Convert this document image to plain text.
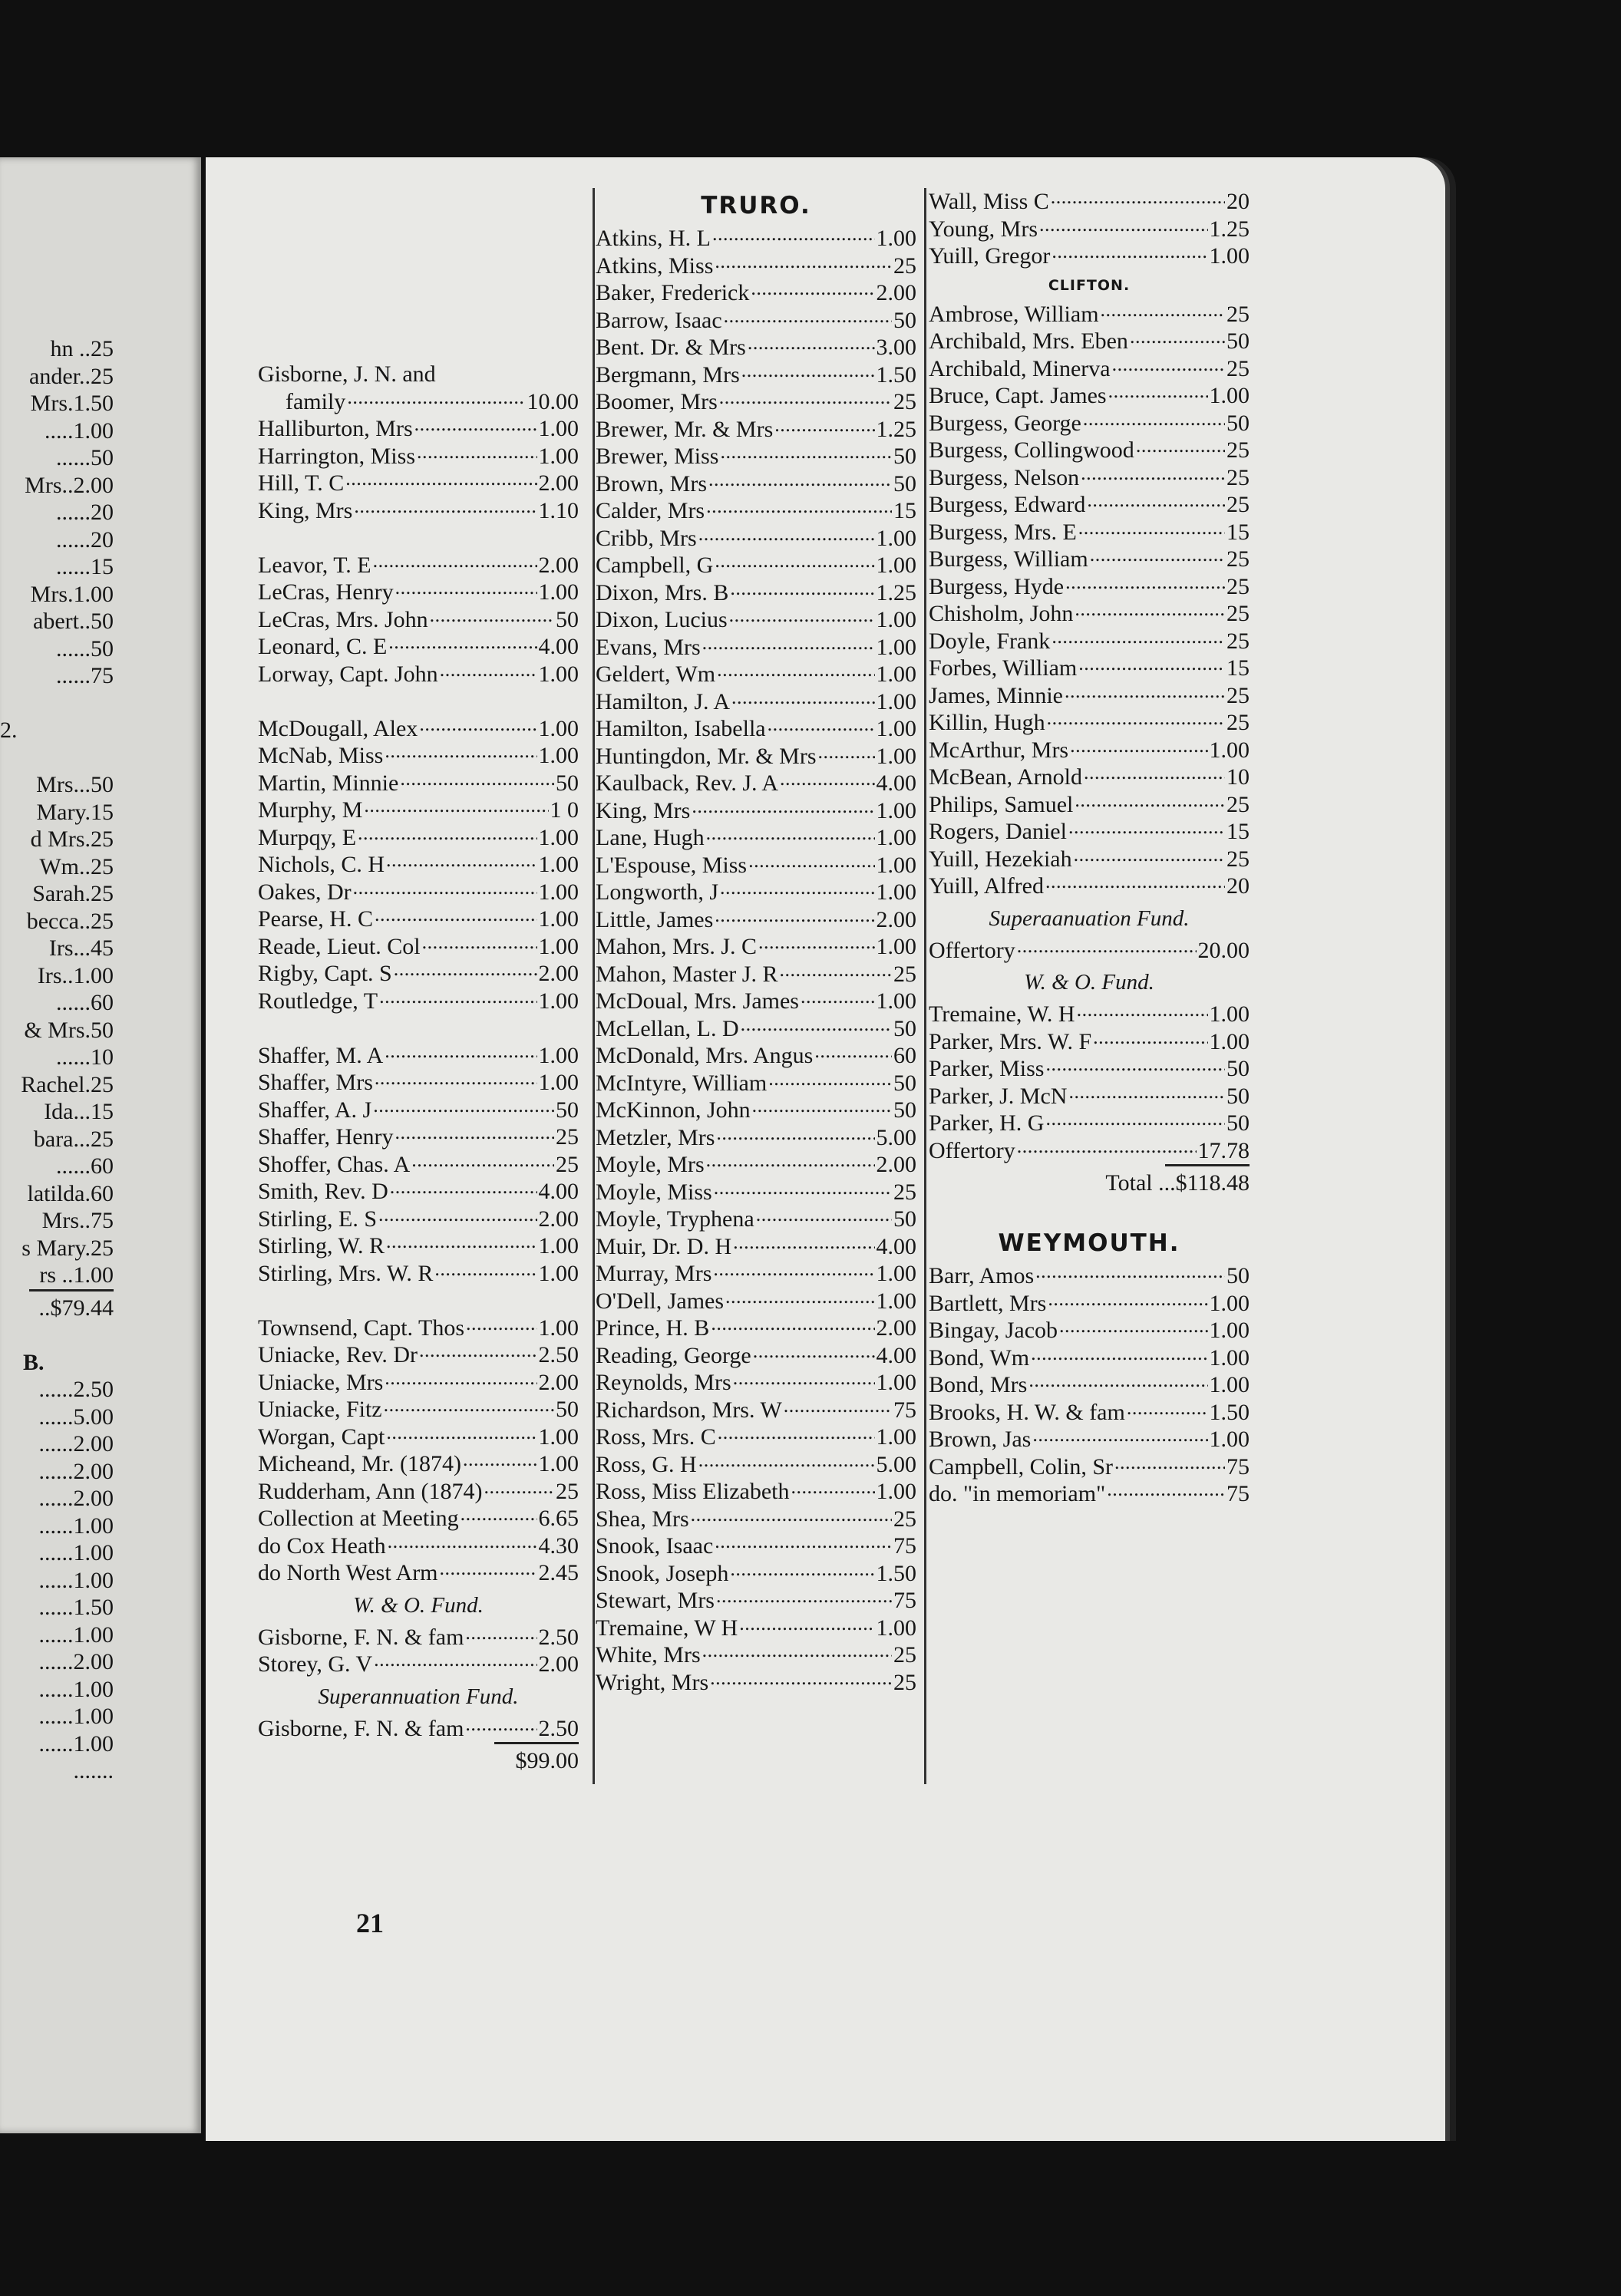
hn ..25
ander..25
Mrs.1.50
.....1.00
......50
Mrs..2.00
......20
......20
......15
Mrs.1.00
abert..50
......50
......75
2.
Mrs...50
Mary.15
d Mrs.25
Wm..25
Sarah.25
becca..25
Irs...45
Irs..1.00
......60
& Mrs.50
......10
Rachel.25
Ida...15
bara...25
......60
latilda.60
Mrs..75
s Mary.25
rs ..1.00
..$79.44
B.
......2.50
......5.00
......2.00
......2.00
......2.00
......1.00
......1.00
......1.00
......1.50
......1.00
......2.00
......1.00
......1.00
......1.00
.......
Gisborne, J. N. and
family . . .	10.00
Halliburton, Mrs . . .	1.00
Harrington, Miss . . .	1.00
Hill, T. C . . .	2.00
King, Mrs . . .	1.10
Leavor, T. E . . .	2.00
LeCras, Henry . . .	1.00
LeCras, Mrs. John . . .	50
Leonard, C. E . . .	4.00
Lorway, Capt. John . . .	1.00
McDougall, Alex . . .	1.00
McNab, Miss . . .	1.00
Martin, Minnie . . .	50
Murphy, M . . .	1 0
Murpqy, E . . .	1.00
Nichols, C. H . . .	1.00
Oakes, Dr . . .	1.00
Pearse, H. C . . .	1.00
Reade, Lieut. Col . . .	1.00
Rigby, Capt. S . . .	2.00
Routledge, T . . .	1.00
Shaffer, M. A . . .	1.00
Shaffer, Mrs . . .	1.00
Shaffer, A. J . . .	50
Shaffer, Henry . . .	25
Shoffer, Chas. A . . .	25
Smith, Rev. D . . .	4.00
Stirling, E. S . . .	2.00
Stirling, W. R . . .	1.00
Stirling, Mrs. W. R . . .	1.00
Townsend, Capt. Thos . . .	1.00
Uniacke, Rev. Dr . . .	2.50
Uniacke, Mrs . . .	2.00
Uniacke, Fitz . . .	50
Worgan, Capt . . .	1.00
Micheand, Mr. (1874) . . .	1.00
Rudderham, Ann (1874) . . .	25
Collection at Meeting . . .	6.65
do Cox Heath . . .	4.30
do North West Arm . . .	2.45
W. & O. Fund.
Gisborne, F. N. & fam . . .	2.50
Storey, G. V . . .	2.00
Superannuation Fund.
Gisborne, F. N. & fam . . .	2.50
$99.00
TRURO.
Atkins, H. L . . .	1.00
Atkins, Miss . . .	25
Baker, Frederick . . .	2.00
Barrow, Isaac . . .	50
Bent. Dr. & Mrs . . .	3.00
Bergmann, Mrs . . .	1.50
Boomer, Mrs . . .	25
Brewer, Mr. & Mrs . . .	1.25
Brewer, Miss . . .	50
Brown, Mrs . . .	50
Calder, Mrs . . .	15
Cribb, Mrs . . .	1.00
Campbell, G . . .	1.00
Dixon, Mrs. B . . .	1.25
Dixon, Lucius . . .	1.00
Evans, Mrs . . .	1.00
Geldert, Wm . . .	1.00
Hamilton, J. A . . .	1.00
Hamilton, Isabella . . .	1.00
Huntingdon, Mr. & Mrs . . .	1.00
Kaulback, Rev. J. A . . .	4.00
King, Mrs . . .	1.00
Lane, Hugh . . .	1.00
L'Espouse, Miss . . .	1.00
Longworth, J . . .	1.00
Little, James . . .	2.00
Mahon, Mrs. J. C . . .	1.00
Mahon, Master J. R . . .	25
McDoual, Mrs. James . . .	1.00
McLellan, L. D . . .	50
McDonald, Mrs. Angus . . .	60
McIntyre, William . . .	50
McKinnon, John . . .	50
Metzler, Mrs . . .	5.00
Moyle, Mrs . . .	2.00
Moyle, Miss . . .	25
Moyle, Tryphena . . .	50
Muir, Dr. D. H . . .	4.00
Murray, Mrs . . .	1.00
O'Dell, James . . .	1.00
Prince, H. B . . .	2.00
Reading, George . . .	4.00
Reynolds, Mrs . . .	1.00
Richardson, Mrs. W . . .	75
Ross, Mrs. C . . .	1.00
Ross, G. H . . .	5.00
Ross, Miss Elizabeth . . .	1.00
Shea, Mrs . . .	25
Snook, Isaac . . .	75
Snook, Joseph . . .	1.50
Stewart, Mrs . . .	75
Tremaine, W H . . .	1.00
White, Mrs . . .	25
Wright, Mrs . . .	25
Wall, Miss C . . .	20
Young, Mrs . . .	1.25
Yuill, Gregor . . .	1.00
CLIFTON.
Ambrose, William . . .	25
Archibald, Mrs. Eben . . .	50
Archibald, Minerva . . .	25
Bruce, Capt. James . . .	1.00
Burgess, George . . .	50
Burgess, Collingwood . . .	25
Burgess, Nelson . . .	25
Burgess, Edward . . .	25
Burgess, Mrs. E . . .	15
Burgess, William . . .	25
Burgess, Hyde . . .	25
Chisholm, John . . .	25
Doyle, Frank . . .	25
Forbes, William . . .	15
James, Minnie . . .	25
Killin, Hugh . . .	25
McArthur, Mrs . . .	1.00
McBean, Arnold . . .	10
Philips, Samuel . . .	25
Rogers, Daniel . . .	15
Yuill, Hezekiah . . .	25
Yuill, Alfred . . .	20
Superaanuation Fund.
Offertory . . .	20.00
W. & O. Fund.
Tremaine, W. H . . .	1.00
Parker, Mrs. W. F . . .	1.00
Parker, Miss . . .	50
Parker, J. McN . . .	50
Parker, H. G . . .	50
Offertory . . .	17.78
Total ...$118.48
WEYMOUTH.
Barr, Amos . . .	50
Bartlett, Mrs . . .	1.00
Bingay, Jacob . . .	1.00
Bond, Wm . . .	1.00
Bond, Mrs . . .	1.00
Brooks, H. W. & fam . . .	1.50
Brown, Jas . . .	1.00
Campbell, Colin, Sr . . .	75
do. "in memoriam" . . .	75
21
